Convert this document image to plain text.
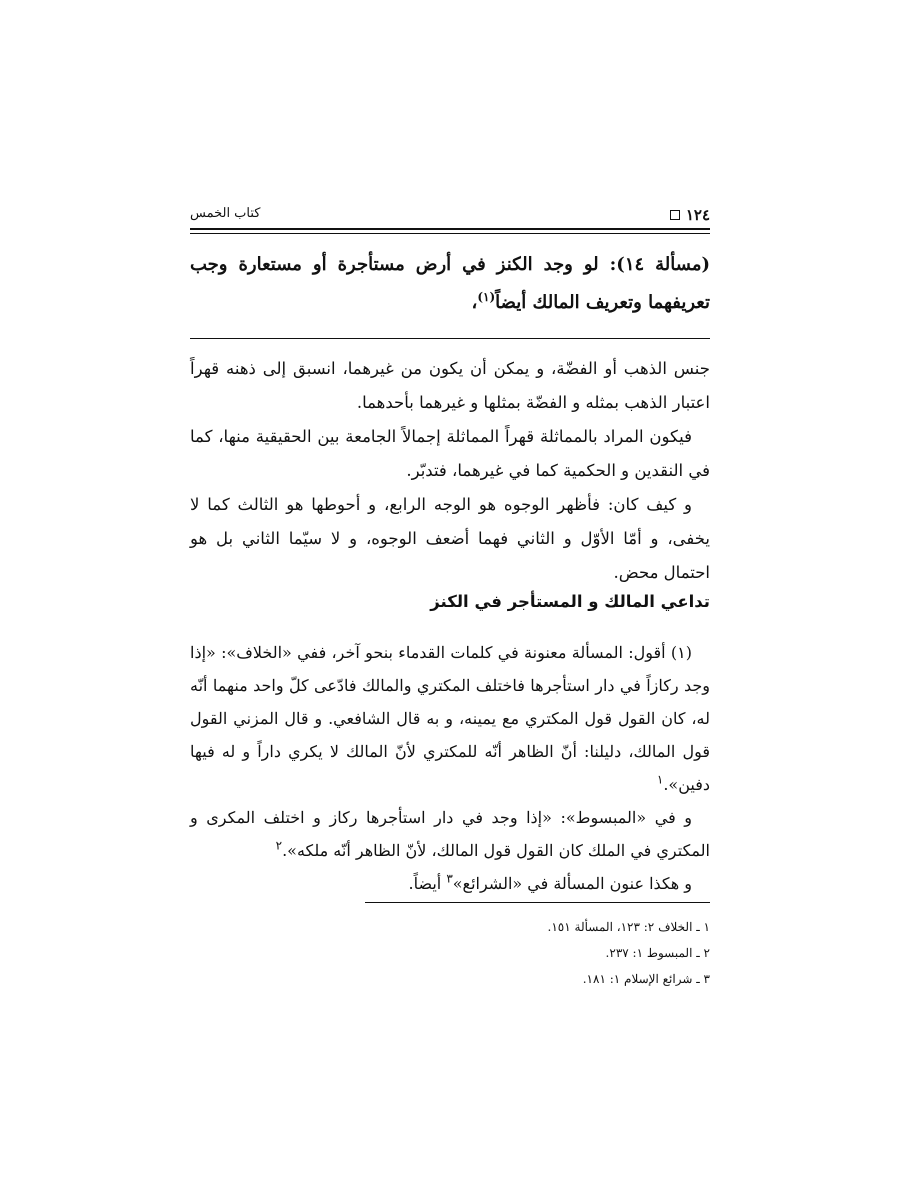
١٢٤
كتاب الخمس
(مسألة ١٤): لو وجد الكنز في أرض مستأجرة أو مستعارة وجب تعريفهما وتعريف المالك أيضاً$^{(١)}$،

جنس الذهب أو الفضّة، و يمكن أن يكون من غيرهما، انسبق إلى ذهنه قهراً اعتبار الذهب بمثله و الفضّة بمثلها و غيرهما بأحدهما.

فيكون المراد بالمماثلة قهراً المماثلة إجمالاً الجامعة بين الحقيقية منها، كما في النقدين و الحكمية كما في غيرهما، فتدبّر.

و كيف كان: فأظهر الوجوه هو الوجه الرابع، و أحوطها هو الثالث كما لا يخفى، و أمّا الأوّل و الثاني فهما أضعف الوجوه، و لا سيّما الثاني بل هو احتمال محض.

تداعي المالك و المستأجر في الكنز

(١) أقول: المسألة معنونة في كلمات القدماء بنحو آخر، ففي «الخلاف»: «إذا وجد ركازاً في دار استأجرها فاختلف المكتري والمالك فادّعى كلّ واحد منهما أنّه له، كان القول قول المكتري مع يمينه، و به قال الشافعي. و قال المزني القول قول المالك، دليلنا: أنّ الظاهر أنّه للمكتري لأنّ المالك لا يكري داراً و له فيها دفين».$^١$

و في «المبسوط»: «إذا وجد في دار استأجرها ركاز و اختلف المكرى و المكتري في الملك كان القول قول المالك، لأنّ الظاهر أنّه ملكه».$^٢$

و هكذا عنون المسألة في «الشرائع»$^٣$ أيضاً.

١ ـ الخلاف ٢: ١٢٣، المسألة ١٥١.
٢ ـ المبسوط ١: ٢٣٧.
٣ ـ شرائع الإسلام ١: ١٨١.
